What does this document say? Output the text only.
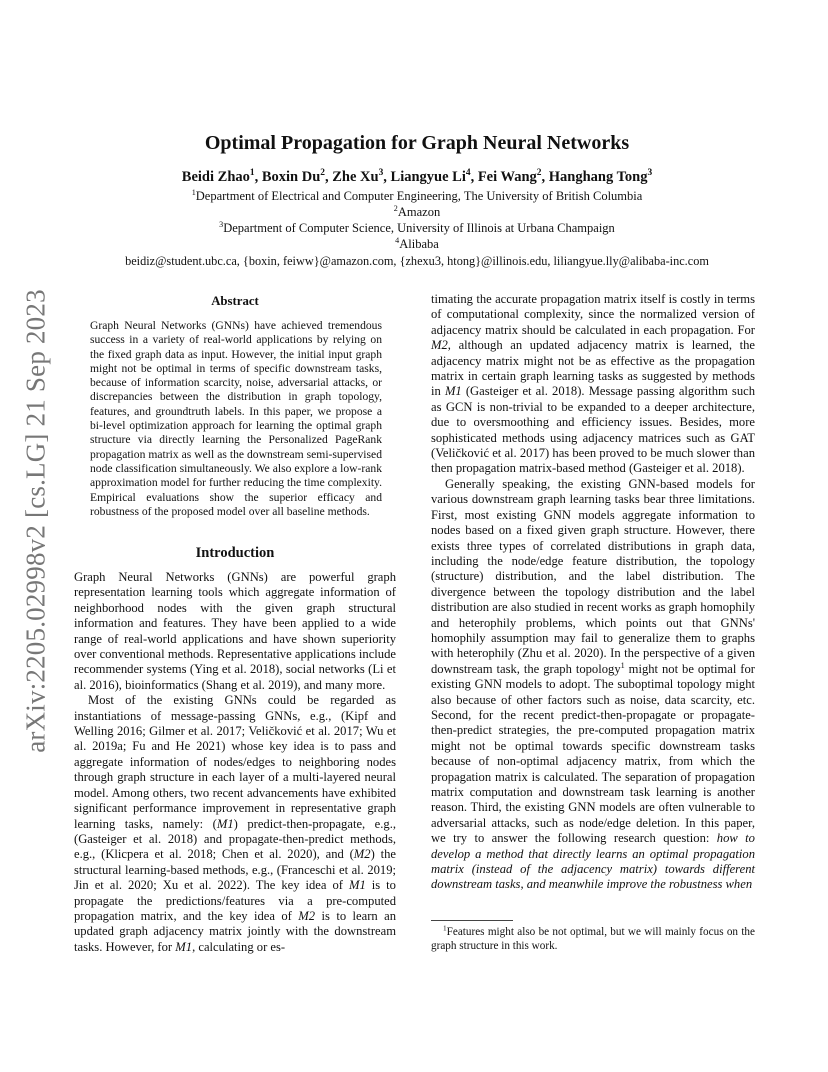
arXiv:2205.02998v2 [cs.LG] 21 Sep 2023
Optimal Propagation for Graph Neural Networks
Beidi Zhao$^1$, Boxin Du$^2$, Zhe Xu$^3$, Liangyue Li$^4$, Fei Wang$^2$, Hanghang Tong$^3$
$^1$Department of Electrical and Computer Engineering, The University of British Columbia
$^2$Amazon
$^3$Department of Computer Science, University of Illinois at Urbana Champaign
$^4$Alibaba
beidiz@student.ubc.ca, {boxin, feiww}@amazon.com, {zhexu3, htong}@illinois.edu, liliangyue.lly@alibaba-inc.com
Abstract
Graph Neural Networks (GNNs) have achieved tremendous success in a variety of real-world applications by relying on the fixed graph data as input. However, the initial input graph might not be optimal in terms of specific downstream tasks, because of information scarcity, noise, adversarial attacks, or discrepancies between the distribution in graph topology, features, and groundtruth labels. In this paper, we propose a bi-level optimization approach for learning the optimal graph structure via directly learning the Personalized PageRank propagation matrix as well as the downstream semi-supervised node classification simultaneously. We also explore a low-rank approximation model for further reducing the time complexity. Empirical evaluations show the superior efficacy and robustness of the proposed model over all baseline methods.
Introduction

Graph Neural Networks (GNNs) are powerful graph representation learning tools which aggregate information of neighborhood nodes with the given graph structural information and features. They have been applied to a wide range of real-world applications and have shown superiority over conventional methods. Representative applications include recommender systems (Ying et al. 2018), social networks (Li et al. 2016), bioinformatics (Shang et al. 2019), and many more.

Most of the existing GNNs could be regarded as instantiations of message-passing GNNs, e.g., (Kipf and Welling 2016; Gilmer et al. 2017; Veličković et al. 2017; Wu et al. 2019a; Fu and He 2021) whose key idea is to pass and aggregate information of nodes/edges to neighboring nodes through graph structure in each layer of a multi-layered neural model. Among others, two recent advancements have exhibited significant performance improvement in representative graph learning tasks, namely: (M1) predict-then-propagate, e.g., (Gasteiger et al. 2018) and propagate-then-predict methods, e.g., (Klicpera et al. 2018; Chen et al. 2020), and (M2) the structural learning-based methods, e.g., (Franceschi et al. 2019; Jin et al. 2020; Xu et al. 2022). The key idea of M1 is to propagate the predictions/features via a pre-computed propagation matrix, and the key idea of M2 is to learn an updated graph adjacency matrix jointly with the downstream tasks. However, for M1, calculating or es-

timating the accurate propagation matrix itself is costly in terms of computational complexity, since the normalized version of adjacency matrix should be calculated in each propagation. For M2, although an updated adjacency matrix is learned, the adjacency matrix might not be as effective as the propagation matrix in certain graph learning tasks as suggested by methods in M1 (Gasteiger et al. 2018). Message passing algorithm such as GCN is non-trivial to be expanded to a deeper architecture, due to oversmoothing and efficiency issues. Besides, more sophisticated methods using adjacency matrices such as GAT (Veličković et al. 2017) has been proved to be much slower than then propagation matrix-based method (Gasteiger et al. 2018).

Generally speaking, the existing GNN-based models for various downstream graph learning tasks bear three limitations. First, most existing GNN models aggregate information to nodes based on a fixed given graph structure. However, there exists three types of correlated distributions in graph data, including the node/edge feature distribution, the topology (structure) distribution, and the label distribution. The divergence between the topology distribution and the label distribution are also studied in recent works as graph homophily and heterophily problems, which points out that GNNs' homophily assumption may fail to generalize them to graphs with heterophily (Zhu et al. 2020). In the perspective of a given downstream task, the graph topology$^1$ might not be optimal for existing GNN models to adopt. The suboptimal topology might also because of other factors such as noise, data scarcity, etc. Second, for the recent predict-then-propagate or propagate-then-predict strategies, the pre-computed propagation matrix might not be optimal towards specific downstream tasks because of non-optimal adjacency matrix, from which the propagation matrix is calculated. The separation of propagation matrix computation and downstream task learning is another reason. Third, the existing GNN models are often vulnerable to adversarial attacks, such as node/edge deletion. In this paper, we try to answer the following research question: how to develop a method that directly learns an optimal propagation matrix (instead of the adjacency matrix) towards different downstream tasks, and meanwhile improve the robustness when

$^1$Features might also be not optimal, but we will mainly focus on the graph structure in this work.
